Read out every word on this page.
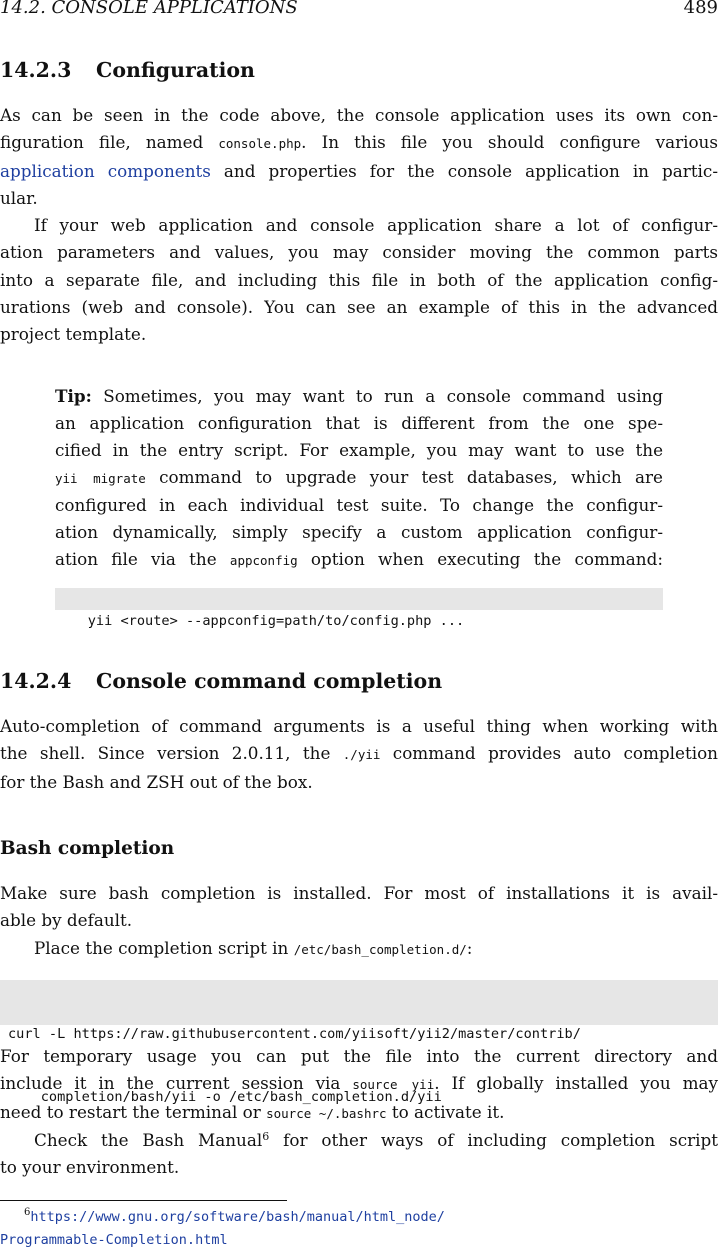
14.2. CONSOLE APPLICATIONS	489
14.2.3 Configuration
As can be seen in the code above, the console application uses its own con-
figuration file, named console.php. In this file you should configure various
application components and properties for the console application in partic-
ular.
If your web application and console application share a lot of configur-
ation parameters and values, you may consider moving the common parts
into a separate file, and including this file in both of the application config-
urations (web and console). You can see an example of this in the advanced
project template.
Tip: Sometimes, you may want to run a console command using
an application configuration that is different from the one spe-
cified in the entry script. For example, you may want to use the
yii migrate command to upgrade your test databases, which are
configured in each individual test suite. To change the configur-
ation dynamically, simply specify a custom application configur-
ation file via the appconfig option when executing the command:

yii <route> --appconfig=path/to/config.php ...

14.2.4 Console command completion
Auto-completion of command arguments is a useful thing when working with
the shell. Since version 2.0.11, the ./yii command provides auto completion
for the Bash and ZSH out of the box.
Bash completion
Make sure bash completion is installed. For most of installations it is avail-
able by default.
Place the completion script in /etc/bash_completion.d/:

curl -L https://raw.githubusercontent.com/yiisoft/yii2/master/contrib/

completion/bash/yii -o /etc/bash_completion.d/yii

For temporary usage you can put the file into the current directory and
include it in the current session via source yii. If globally installed you may
need to restart the terminal or source ~/.bashrc to activate it.
Check the Bash Manual$^6$ for other ways of including completion script
to your environment.
$^6$https://www.gnu.org/software/bash/manual/html_node/
Programmable-Completion.html
